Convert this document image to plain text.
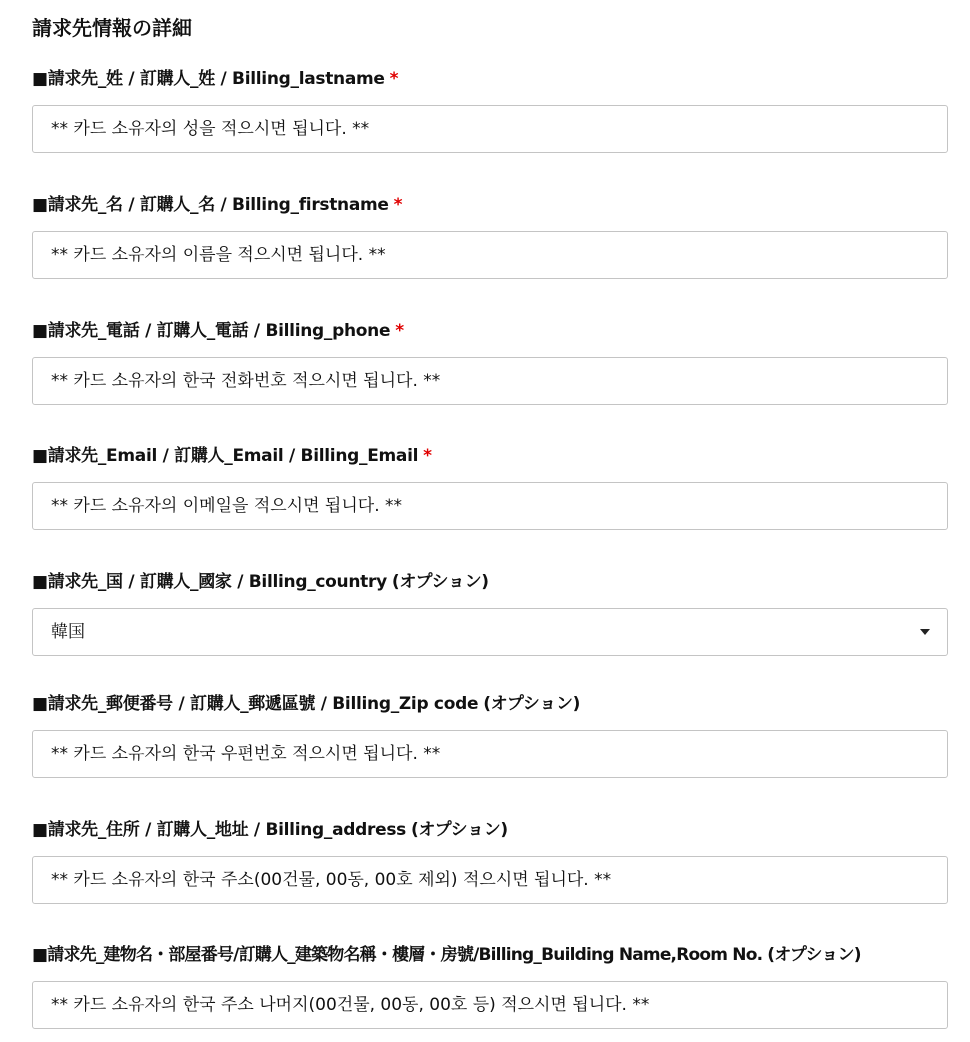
請求先情報の詳細
■請求先_姓 / 訂購人_姓 / Billing_lastname *
** 카드 소유자의 성을 적으시면 됩니다. **
■請求先_名 / 訂購人_名 / Billing_firstname *
** 카드 소유자의 이름을 적으시면 됩니다. **
■請求先_電話 / 訂購人_電話 / Billing_phone *
** 카드 소유자의 한국 전화번호 적으시면 됩니다. **
■請求先_Email / 訂購人_Email / Billing_Email *
** 카드 소유자의 이메일을 적으시면 됩니다. **
■請求先_国 / 訂購人_國家 / Billing_country (オプション)
韓国
■請求先_郵便番号 / 訂購人_郵遞區號 / Billing_Zip code (オプション)
** 카드 소유자의 한국 우편번호 적으시면 됩니다. **
■請求先_住所 / 訂購人_地址 / Billing_address (オプション)
** 카드 소유자의 한국 주소(00건물, 00동, 00호 제외) 적으시면 됩니다. **
■請求先_建物名・部屋番号/訂購人_建築物名稱・樓層・房號/Billing_Building Name,Room No. (オプション)
** 카드 소유자의 한국 주소 나머지(00건물, 00동, 00호 등) 적으시면 됩니다. **
